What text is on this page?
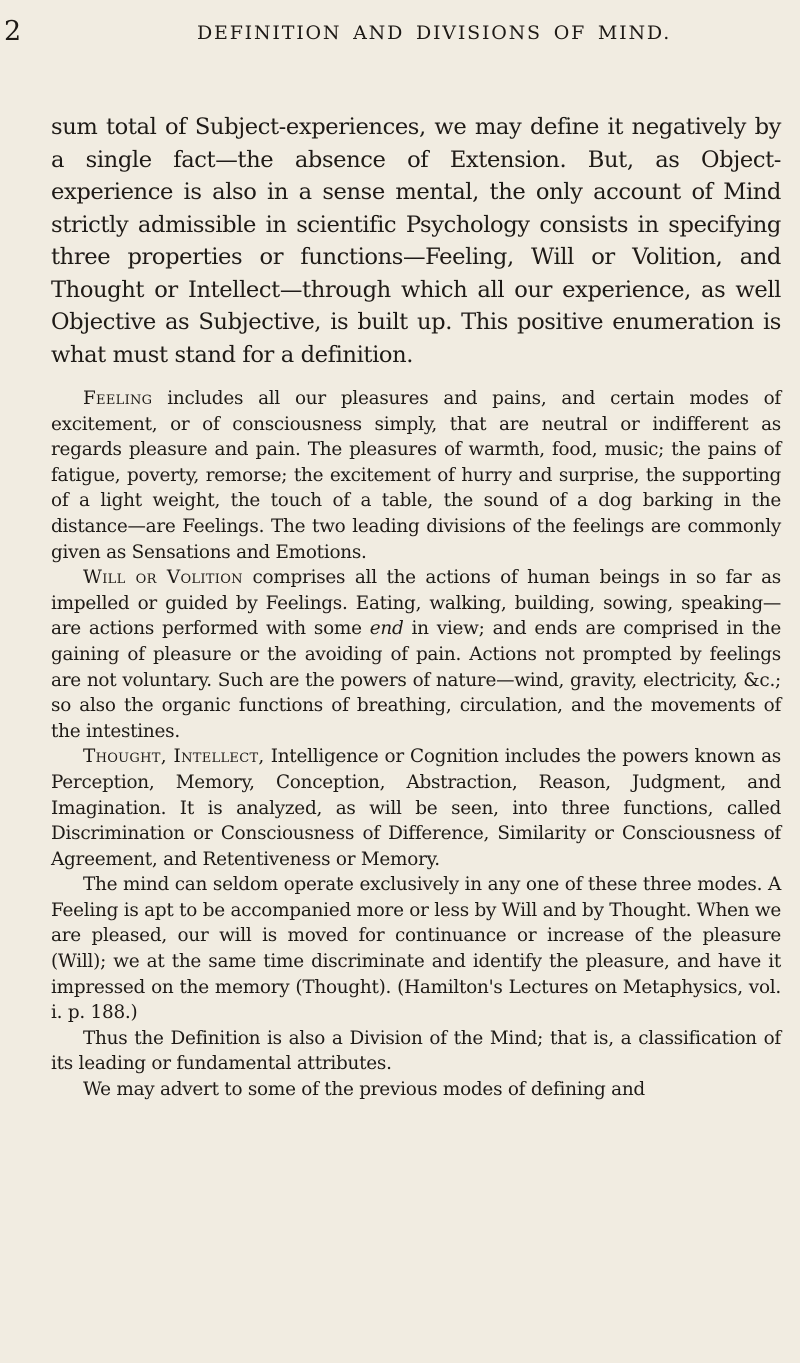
2	DEFINITION AND DIVISIONS OF MIND.

sum total of Subject-experiences, we may define it negatively by a single fact—the absence of Extension. But, as Object-experience is also in a sense mental, the only account of Mind strictly admissible in scientific Psychology consists in specifying three properties or functions—Feeling, Will or Volition, and Thought or Intellect—through which all our experience, as well Objective as Subjective, is built up. This positive enumeration is what must stand for a definition.

Feeling includes all our pleasures and pains, and certain modes of excitement, or of consciousness simply, that are neutral or indifferent as regards pleasure and pain. The pleasures of warmth, food, music; the pains of fatigue, poverty, remorse; the excitement of hurry and surprise, the supporting of a light weight, the touch of a table, the sound of a dog barking in the distance—are Feelings. The two leading divisions of the feelings are commonly given as Sensations and Emotions.

Will or Volition comprises all the actions of human beings in so far as impelled or guided by Feelings. Eating, walking, building, sowing, speaking—are actions performed with some end in view; and ends are comprised in the gaining of pleasure or the avoiding of pain. Actions not prompted by feelings are not voluntary. Such are the powers of nature—wind, gravity, electricity, &c.; so also the organic functions of breathing, circulation, and the movements of the intestines.

Thought, Intellect, Intelligence or Cognition includes the powers known as Perception, Memory, Conception, Abstraction, Reason, Judgment, and Imagination. It is analyzed, as will be seen, into three functions, called Discrimination or Consciousness of Difference, Similarity or Consciousness of Agreement, and Retentiveness or Memory.

The mind can seldom operate exclusively in any one of these three modes. A Feeling is apt to be accompanied more or less by Will and by Thought. When we are pleased, our will is moved for continuance or increase of the pleasure (Will); we at the same time discriminate and identify the pleasure, and have it impressed on the memory (Thought). (Hamilton's Lectures on Metaphysics, vol. i. p. 188.)

Thus the Definition is also a Division of the Mind; that is, a classification of its leading or fundamental attributes.

We may advert to some of the previous modes of defining and
